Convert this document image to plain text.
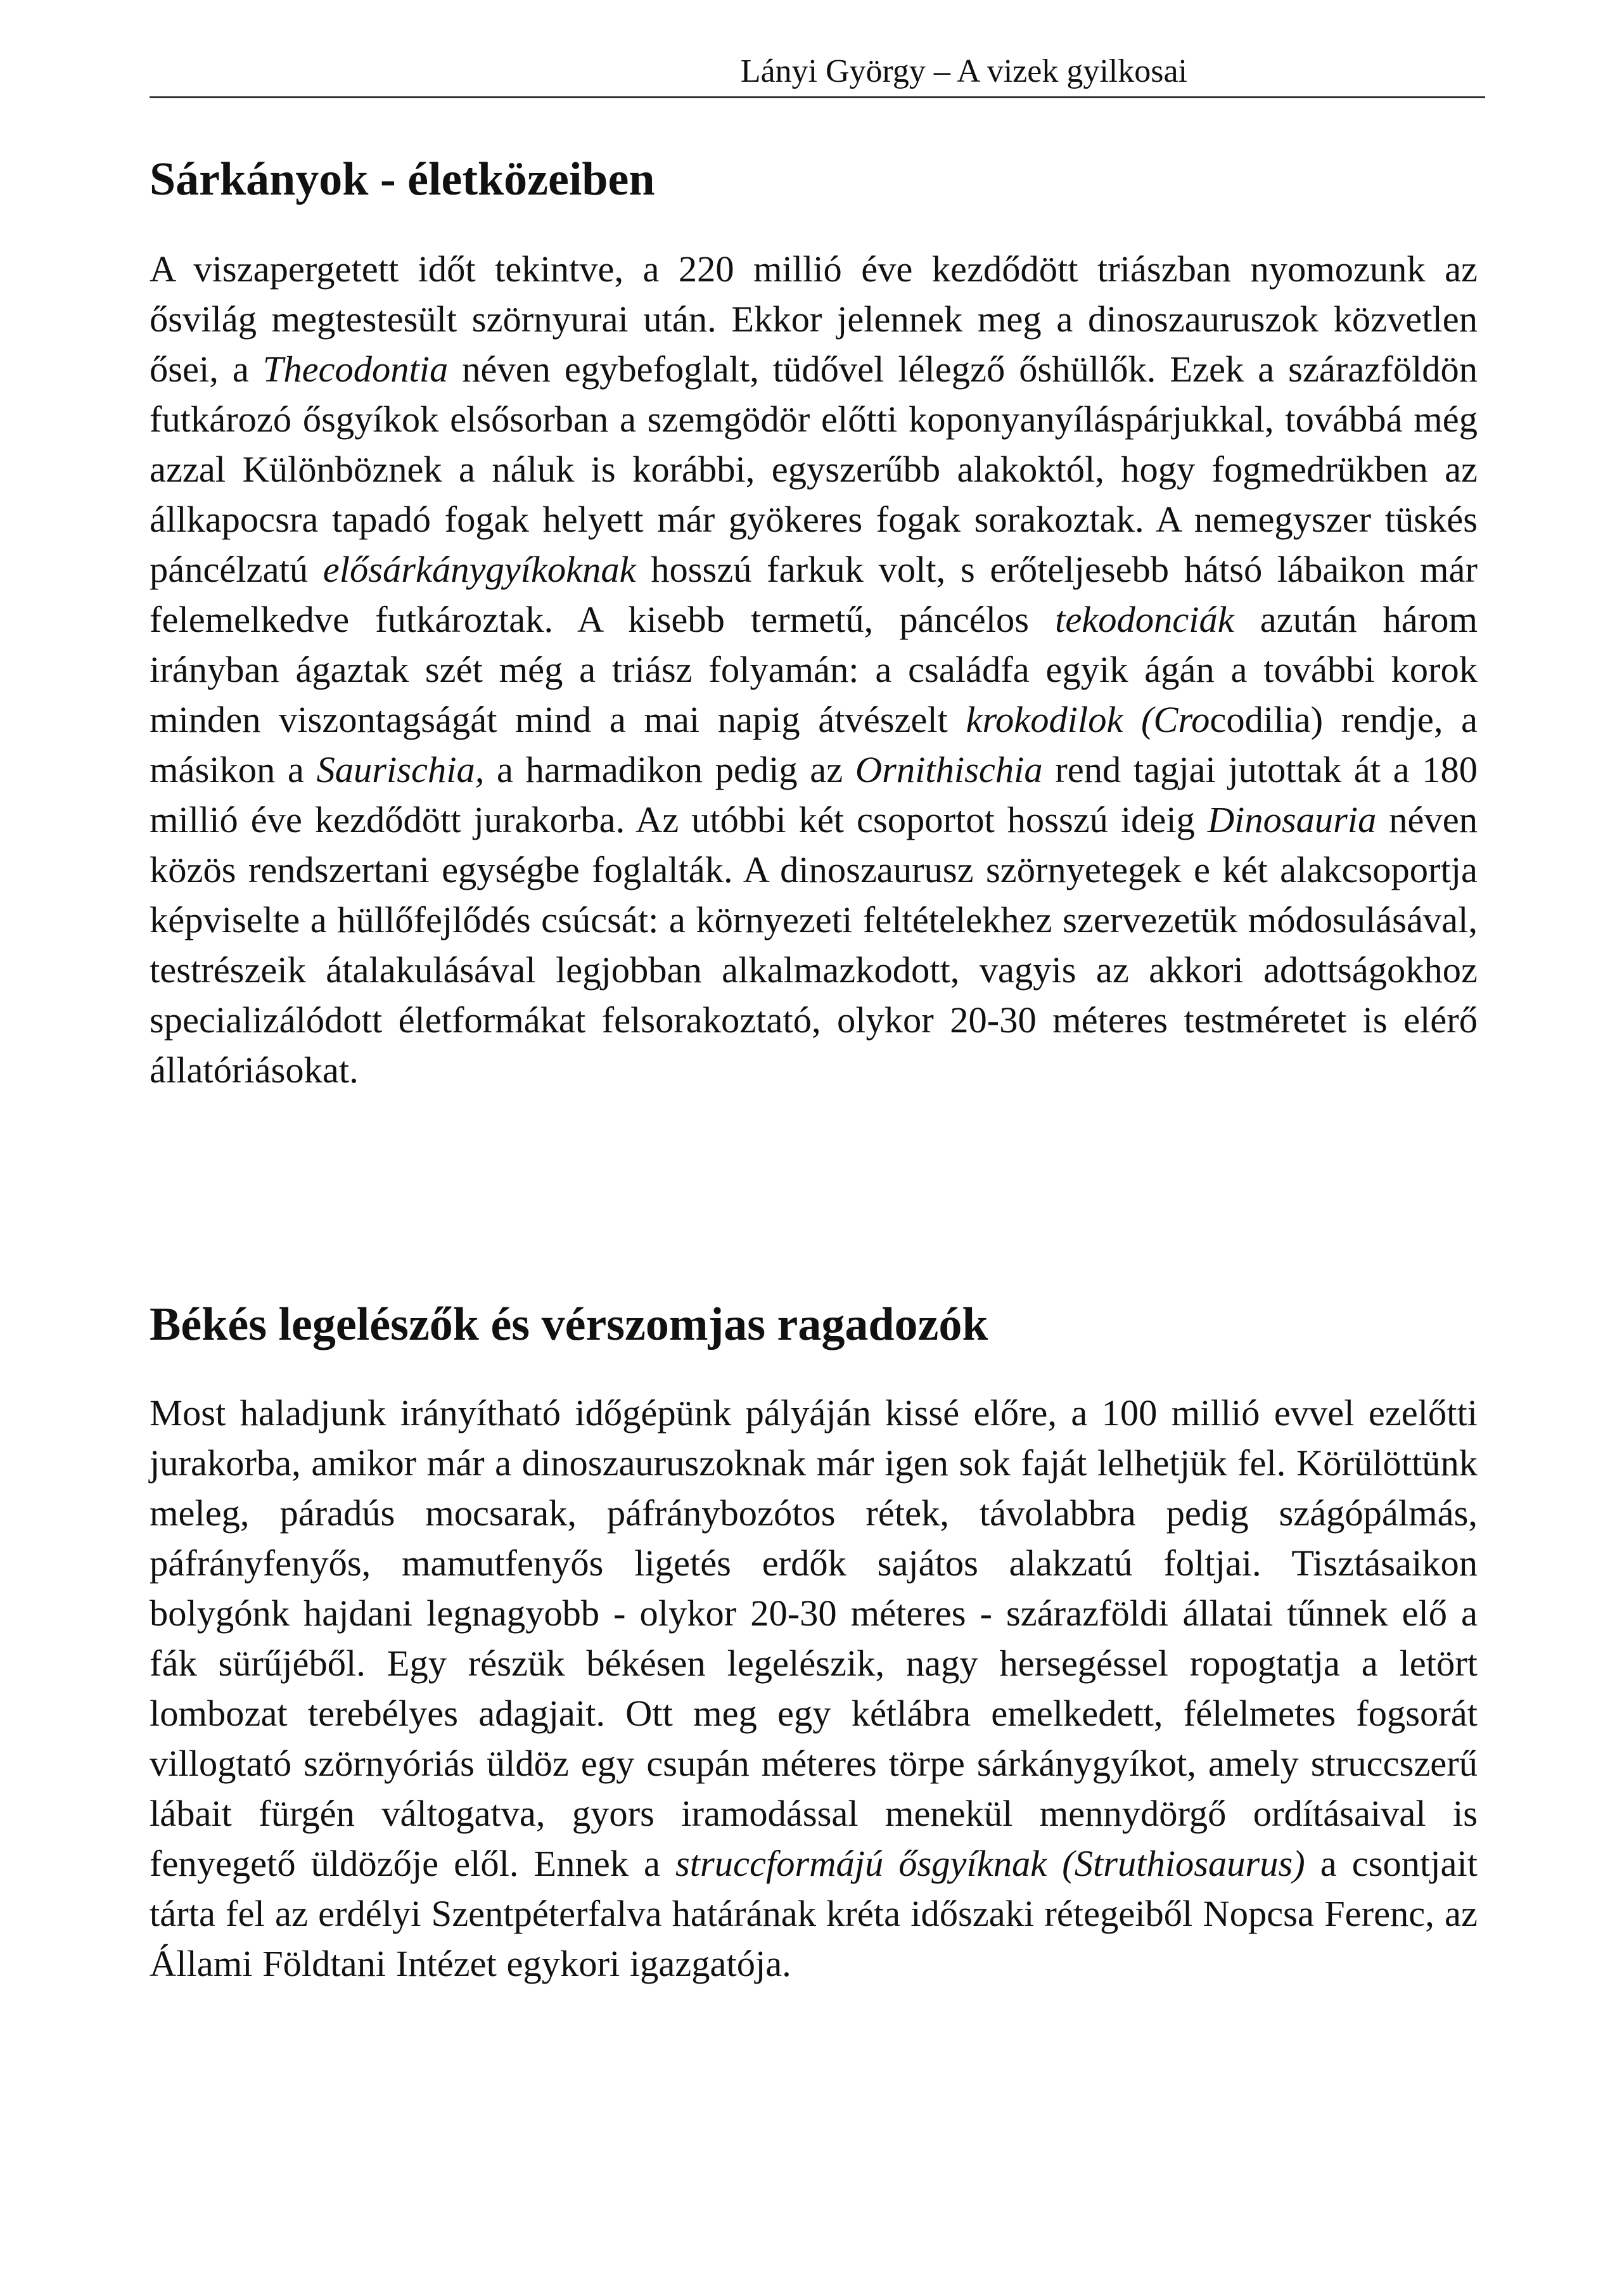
Lányi György – A vizek gyilkosai
Sárkányok - életközeiben

A viszapergetett időt tekintve, a 220 millió éve kezdődött triászban nyomozunk az ősvilág megtestesült szörnyurai után. Ekkor jelennek meg a dinoszauruszok közvetlen ősei, a Thecodontia néven egybefoglalt, tüdővel lélegző őshüllők. Ezek a szárazföldön futkározó ősgyíkok elsősorban a szemgödör előtti koponyanyíláspárjukkal, továbbá még azzal Különböznek a náluk is korábbi, egyszerűbb alakoktól, hogy fogmedrükben az állkapocsra tapadó fogak helyett már gyökeres fogak sorakoztak. A nemegyszer tüskés páncélzatú elősárkánygyíkoknak hosszú farkuk volt, s erőteljesebb hátsó lábaikon már felemelkedve futkároztak. A kisebb termetű, páncélos tekodonciák azután három irányban ágaztak szét még a triász folyamán: a családfa egyik ágán a további korok minden viszontagságát mind a mai napig átvészelt krokodilok (Crocodilia) rendje, a másikon a Saurischia, a harmadikon pedig az Ornithischia rend tagjai jutottak át a 180 millió éve kezdődött jurakorba. Az utóbbi két csoportot hosszú ideig Dinosauria néven közös rendszertani egységbe foglalták. A dinoszaurusz szörnyetegek e két alakcsoportja képviselte a hüllőfejlődés csúcsát: a környezeti feltételekhez szervezetük módosulásával, testrészeik átalakulásával legjobban alkalmazkodott, vagyis az akkori adottságokhoz specializálódott életformákat felsorakoztató, olykor 20-30 méteres testméretet is elérő állatóriásokat.

Békés legelészők és vérszomjas ragadozók

Most haladjunk irányítható időgépünk pályáján kissé előre, a 100 millió evvel ezelőtti jurakorba, amikor már a dinoszauruszoknak már igen sok faját lelhetjük fel. Körülöttünk meleg, páradús mocsarak, páfránybozótos rétek, távolabbra pedig szágópálmás, páfrányfenyős, mamutfenyős ligetés erdők sajátos alakzatú foltjai. Tisztásaikon bolygónk hajdani legnagyobb - olykor 20-30 méteres - szárazföldi állatai tűnnek elő a fák sürűjéből. Egy részük békésen legelészik, nagy hersegéssel ropogtatja a letört lombozat terebélyes adagjait. Ott meg egy kétlábra emelkedett, félelmetes fogsorát villogtató szörnyóriás üldöz egy csupán méteres törpe sárkánygyíkot, amely struccszerű lábait fürgén váltogatva, gyors iramodással menekül mennydörgő ordításaival is fenyegető üldözője elől. Ennek a struccformájú ősgyíknak (Struthiosaurus) a csontjait tárta fel az erdélyi Szentpéterfalva határának kréta időszaki rétegeiből Nopcsa Ferenc, az Állami Földtani Intézet egykori igazgatója.
